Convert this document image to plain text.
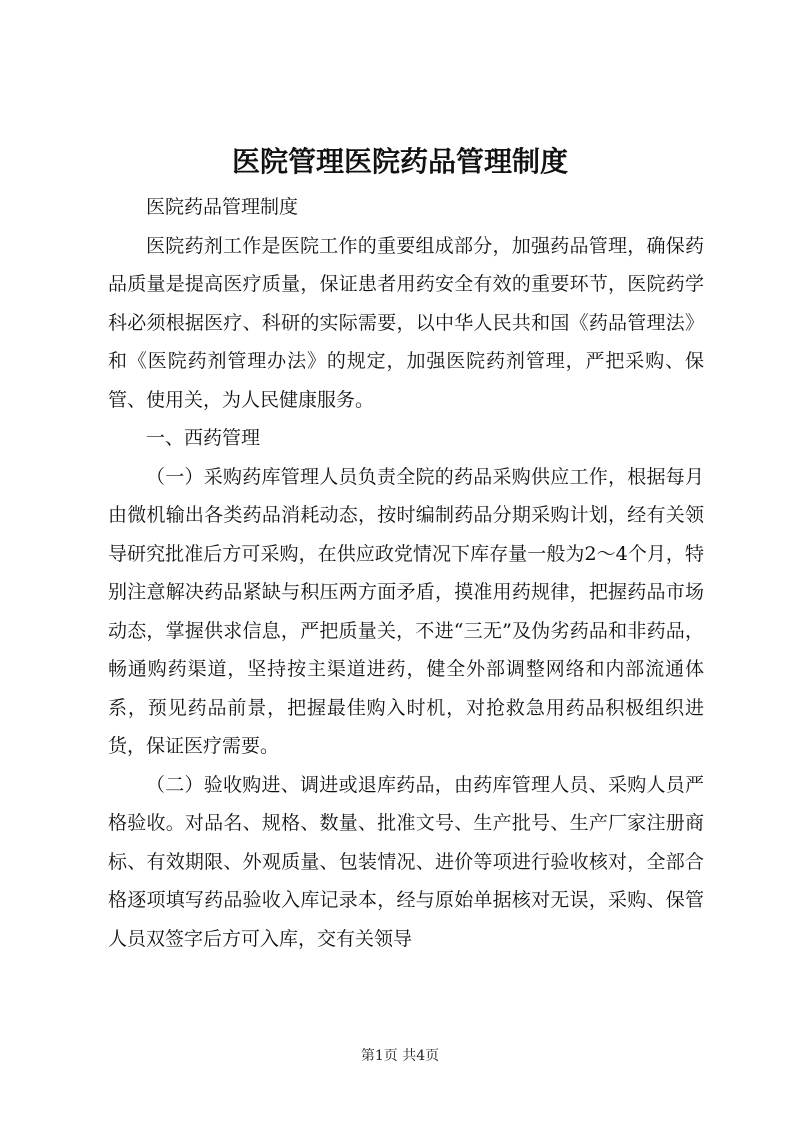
医院管理医院药品管理制度

医院药品管理制度

医院药剂工作是医院工作的重要组成部分，加强药品管理，确保药品质量是提高医疗质量，保证患者用药安全有效的重要环节，医院药学科必须根据医疗、科研的实际需要，以中华人民共和国《药品管理法》和《医院药剂管理办法》的规定，加强医院药剂管理，严把采购、保管、使用关，为人民健康服务。

一、西药管理

（一）采购药库管理人员负责全院的药品采购供应工作，根据每月由微机输出各类药品消耗动态，按时编制药品分期采购计划，经有关领导研究批准后方可采购，在供应政党情况下库存量一般为2～4个月，特别注意解决药品紧缺与积压两方面矛盾，摸准用药规律，把握药品市场动态，掌握供求信息，严把质量关，不进“三无”及伪劣药品和非药品，畅通购药渠道，坚持按主渠道进药，健全外部调整网络和内部流通体系，预见药品前景，把握最佳购入时机，对抢救急用药品积极组织进货，保证医疗需要。

（二）验收购进、调进或退库药品，由药库管理人员、采购人员严格验收。对品名、规格、数量、批准文号、生产批号、生产厂家注册商标、有效期限、外观质量、包装情况、进价等项进行验收核对，全部合格逐项填写药品验收入库记录本，经与原始单据核对无误，采购、保管人员双签字后方可入库，交有关领导

第1页 共4页
